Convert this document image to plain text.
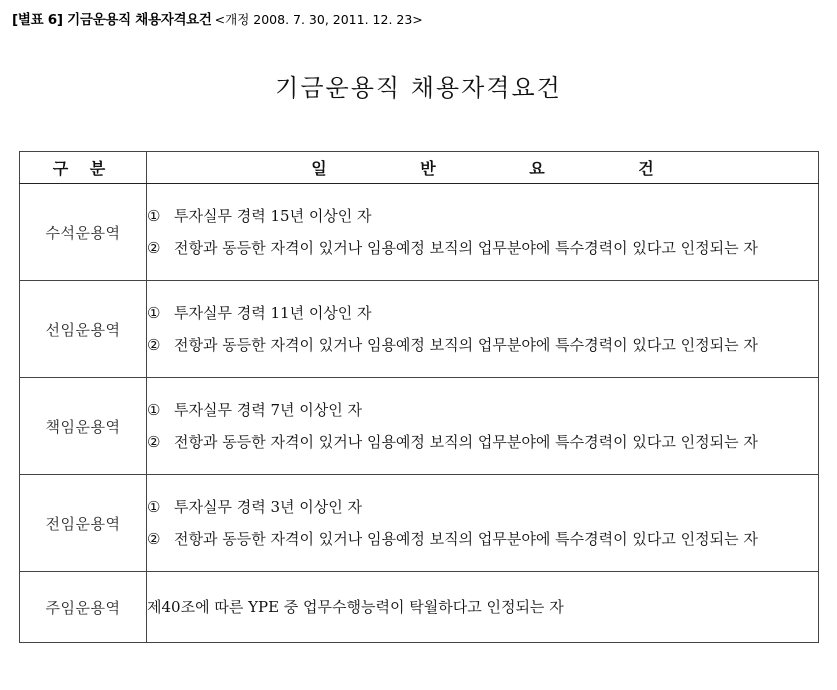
[별표 6] 기금운용직 채용자격요건 <개정 2008. 7. 30, 2011. 12. 23>
기금운용직 채용자격요건
구 분	일 반 요 건
수석운용역	① 투자실무 경력 15년 이상인 자
② 전항과 동등한 자격이 있거나 임용예정 보직의 업무분야에 특수경력이 있다고 인정되는 자

선임운용역	① 투자실무 경력 11년 이상인 자
② 전항과 동등한 자격이 있거나 임용예정 보직의 업무분야에 특수경력이 있다고 인정되는 자

책임운용역	① 투자실무 경력 7년 이상인 자
② 전항과 동등한 자격이 있거나 임용예정 보직의 업무분야에 특수경력이 있다고 인정되는 자

전임운용역	① 투자실무 경력 3년 이상인 자
② 전항과 동등한 자격이 있거나 임용예정 보직의 업무분야에 특수경력이 있다고 인정되는 자

주임운용역	제40조에 따른 YPE 중 업무수행능력이 탁월하다고 인정되는 자
